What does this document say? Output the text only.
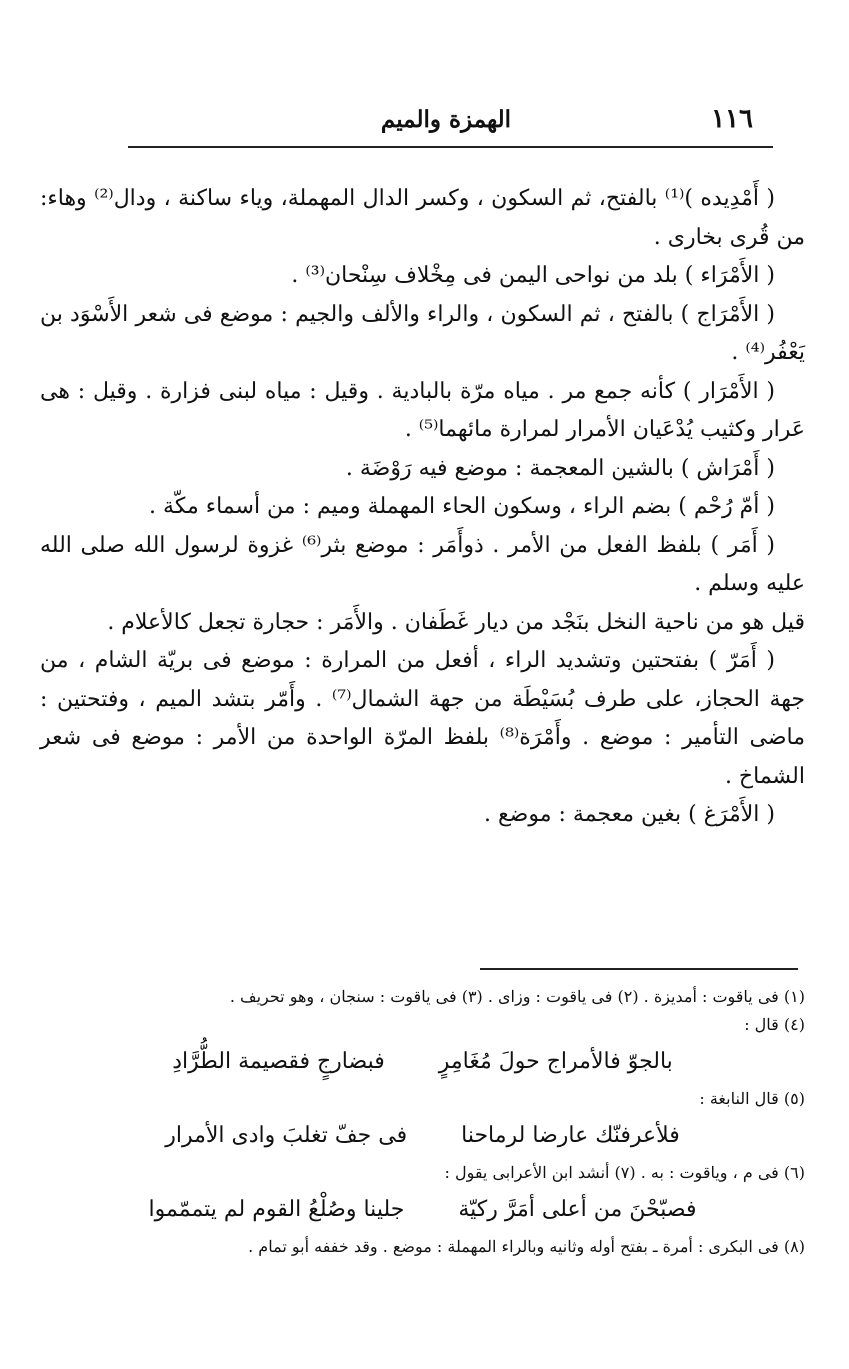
١١٦
الهمزة والميم

( أَمْدِيده )⁽¹⁾ بالفتح، ثم السكون ، وكسر الدال المهملة، وياء ساكنة ، ودال⁽²⁾ وهاء: من قُرى بخارى .

( الأَمْرَاء ) بلد من نواحى اليمن فى مِخْلاف سِنْحان⁽³⁾ .

( الأَمْرَاج ) بالفتح ، ثم السكون ، والراء والألف والجيم : موضع فى شعر الأَسْوَد بن يَعْفُر⁽⁴⁾ .

( الأَمْرَار ) كأنه جمع مر . مياه مرّة بالبادية . وقيل : مياه لبنى فزارة . وقيل : هى عَرار وكثيب يُدْعَيان الأمرار لمرارة مائهما⁽⁵⁾ .

( أَمْرَاش ) بالشين المعجمة : موضع فيه رَوْضَة .

( أمّ رُحْم ) بضم الراء ، وسكون الحاء المهملة وميم : من أسماء مكّة .

( أَمَر ) بلفظ الفعل من الأمر . ذوأَمَر : موضع بثر⁽⁶⁾ غزوة لرسول الله صلى الله عليه وسلم .

قيل هو من ناحية النخل بنَجْد من ديار غَطَفان . والأَمَر : حجارة تجعل كالأعلام .

( أَمَرّ ) بفتحتين وتشديد الراء ، أفعل من المرارة : موضع فى بريّة الشام ، من جهة الحجاز، على طرف بُسَيْطَة من جهة الشمال⁽⁷⁾ . وأَمّر بتشد الميم ، وفتحتين : ماضى التأمير : موضع . وأَمْرَة⁽⁸⁾ بلفظ المرّة الواحدة من الأمر : موضع فى شعر الشماخ .

( الأَمْرَغ ) بغين معجمة : موضع .

(١) فى ياقوت : أمديزة . (٢) فى ياقوت : وزاى . (٣) فى ياقوت : سنجان ، وهو تحريف .

(٤) قال :

بالجوّ فالأمراج حولَ مُغَامِرٍ
فبضارجٍ فقصيمة الطُّرَّادِ

(٥) قال النابغة :

فلأعرفنّك عارضا لرماحنا
فى جفّ تغلبَ وادى الأمرار

(٦) فى م ، وياقوت : به . (٧) أنشد ابن الأعرابى يقول :

فصبّحْنَ من أعلى أمَرَّ ركيّة
جلينا وصُلْعُ القوم لم يتممّموا

(٨) فى البكرى : أمرة ـ بفتح أوله وثانيه وبالراء المهملة : موضع . وقد خففه أبو تمام .
